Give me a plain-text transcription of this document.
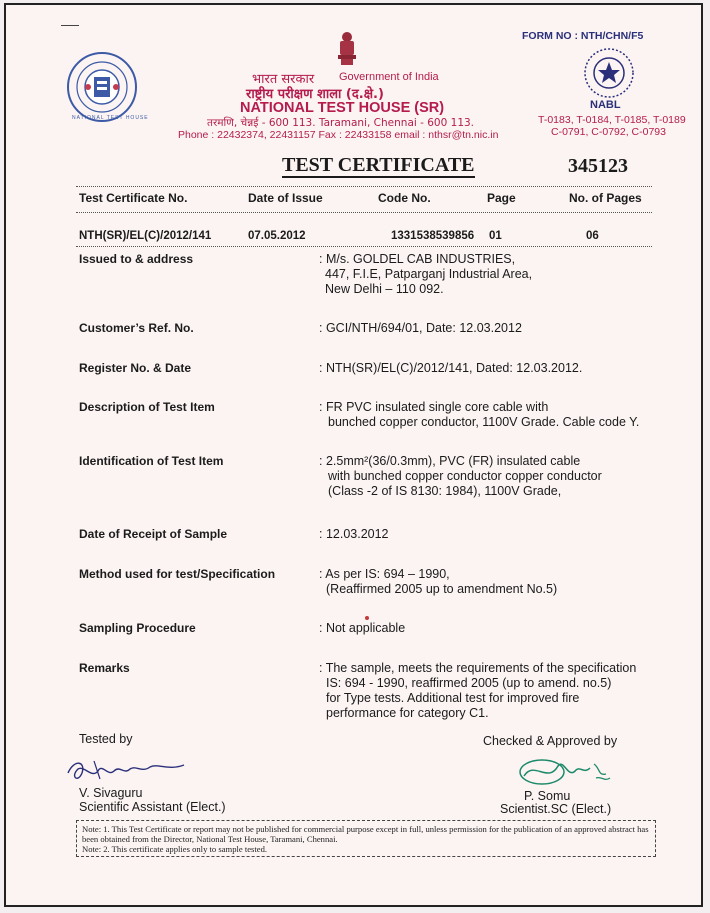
FORM NO : NTH/CHN/F5
NATIONAL TEST HOUSE
भारत सरकार Government of India
राष्ट्रीय परीक्षण शाला (द.क्षे.)
NATIONAL TEST HOUSE (SR)
तरमणि, चेन्नई - 600 113. Taramani, Chennai - 600 113.
Phone : 22432374, 22431157 Fax : 22433158 email : nthsr@tn.nic.in
NABL
T-0183, T-0184, T-0185, T-0189
C-0791, C-0792, C-0793
TEST CERTIFICATE	345123
Test Certificate No.	Date of Issue	Code No.	Page	No. of Pages
NTH(SR)/EL(C)/2012/141	07.05.2012	1331538539856 01	06
Issued to & address	: M/s. GOLDEL CAB INDUSTRIES,
447, F.I.E, Patparganj Industrial Area,
New Delhi – 110 092.
Customer’s Ref. No.	: GCI/NTH/694/01, Date: 12.03.2012
Register No. & Date	: NTH(SR)/EL(C)/2012/141, Dated: 12.03.2012.
Description of Test Item	: FR PVC insulated single core cable with
bunched copper conductor, 1100V Grade. Cable code Y.
Identification of Test Item	: 2.5mm²(36/0.3mm), PVC (FR) insulated cable
with bunched copper conductor copper conductor
(Class -2 of IS 8130: 1984), 1100V Grade,
Date of Receipt of Sample	: 12.03.2012
Method used for test/Specification	: As per IS: 694 – 1990,
(Reaffirmed 2005 up to amendment No.5)
Sampling Procedure	: Not applicable
Remarks	: The sample, meets the requirements of the specification
IS: 694 - 1990, reaffirmed 2005 (up to amend. no.5)
for Type tests. Additional test for improved fire
performance for category C1.
Tested by
V. Sivaguru
Scientific Assistant (Elect.)
Checked & Approved by
P. Somu
Scientist.SC (Elect.)
Note: 1. This Test Certificate or report may not be published for commercial purpose except in full, unless permission for the publication of an approved abstract has been obtained from the Director, National Test House, Taramani, Chennai.
Note: 2. This certificate applies only to sample tested.
